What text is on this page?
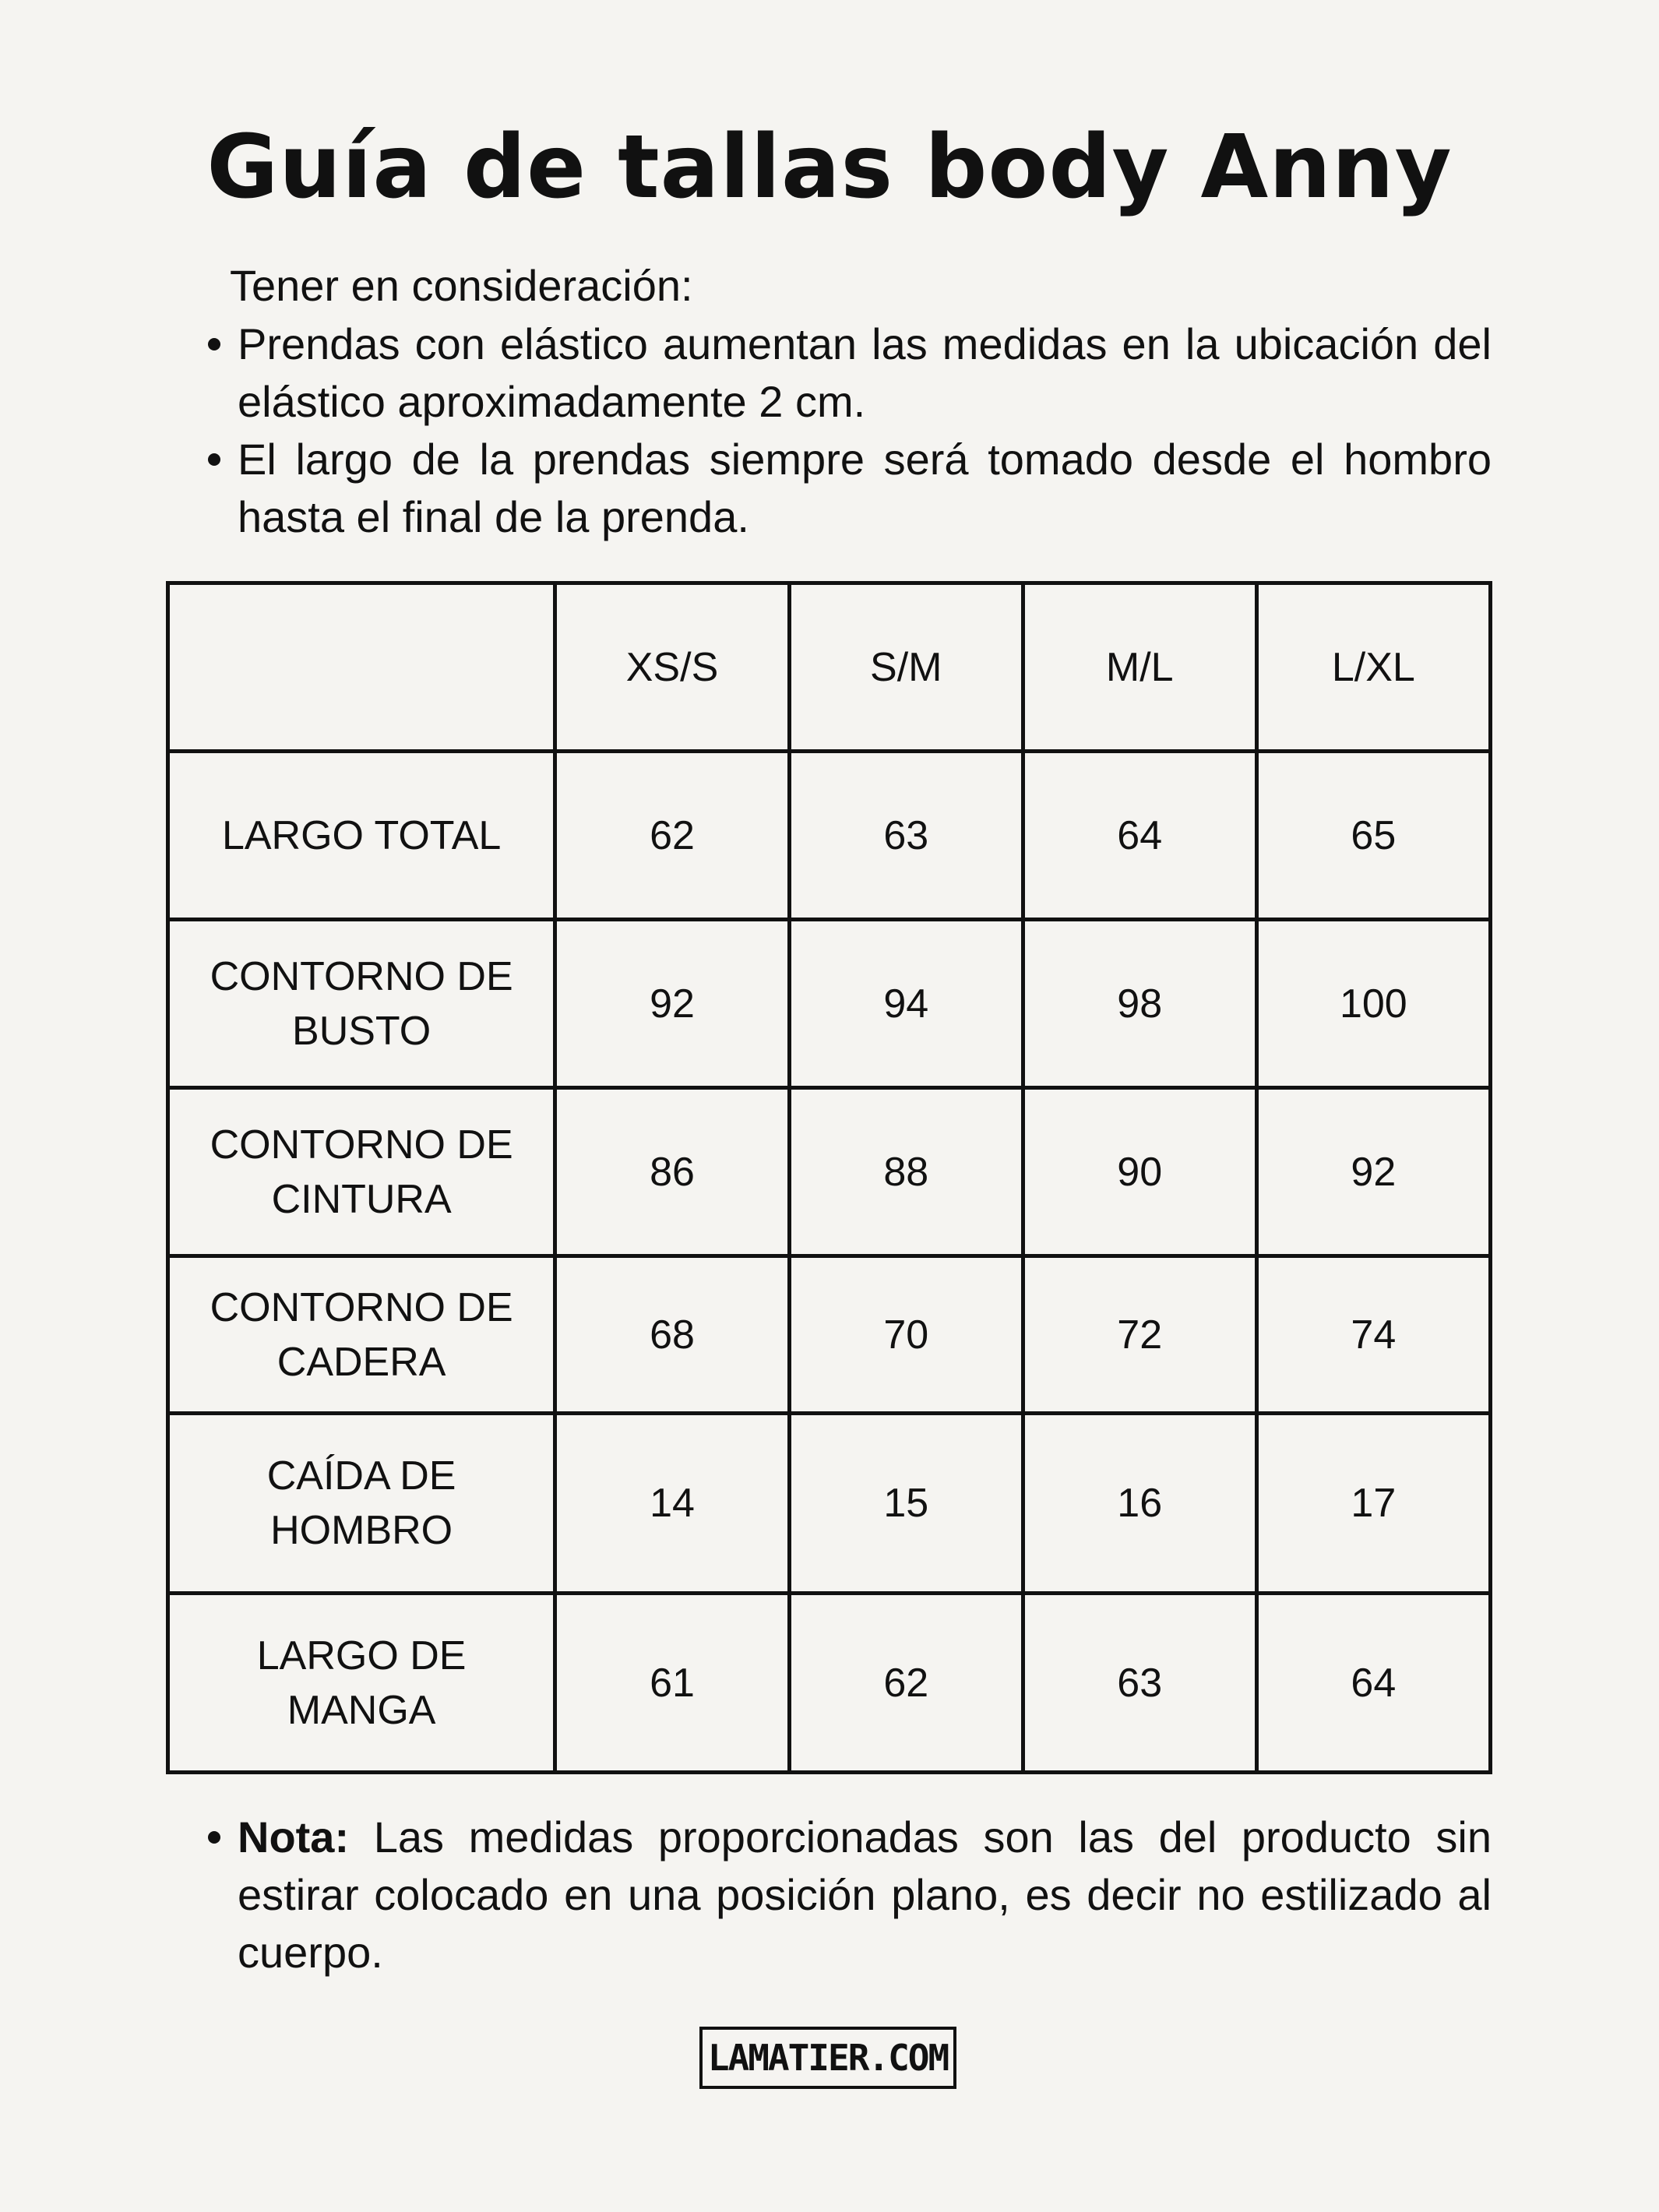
Guía de tallas body Anny
Tener en consideración:
Prendas con elástico aumentan las medidas en la ubicación del elástico aproximadamente 2 cm.
El largo de la prendas siempre será tomado desde el hombro hasta el final de la prenda.
	XS/S	S/M	M/L	L/XL
LARGO TOTAL	62	63	64	65
CONTORNO DE
BUSTO	92	94	98	100
CONTORNO DE
CINTURA	86	88	90	92
CONTORNO DE
CADERA	68	70	72	74
CAÍDA DE
HOMBRO	14	15	16	17
LARGO DE
MANGA	61	62	63	64
Nota: Las medidas proporcionadas son las del producto sin estirar colocado en una posición plano, es decir no estilizado al cuerpo.
LAMATIER.COM
